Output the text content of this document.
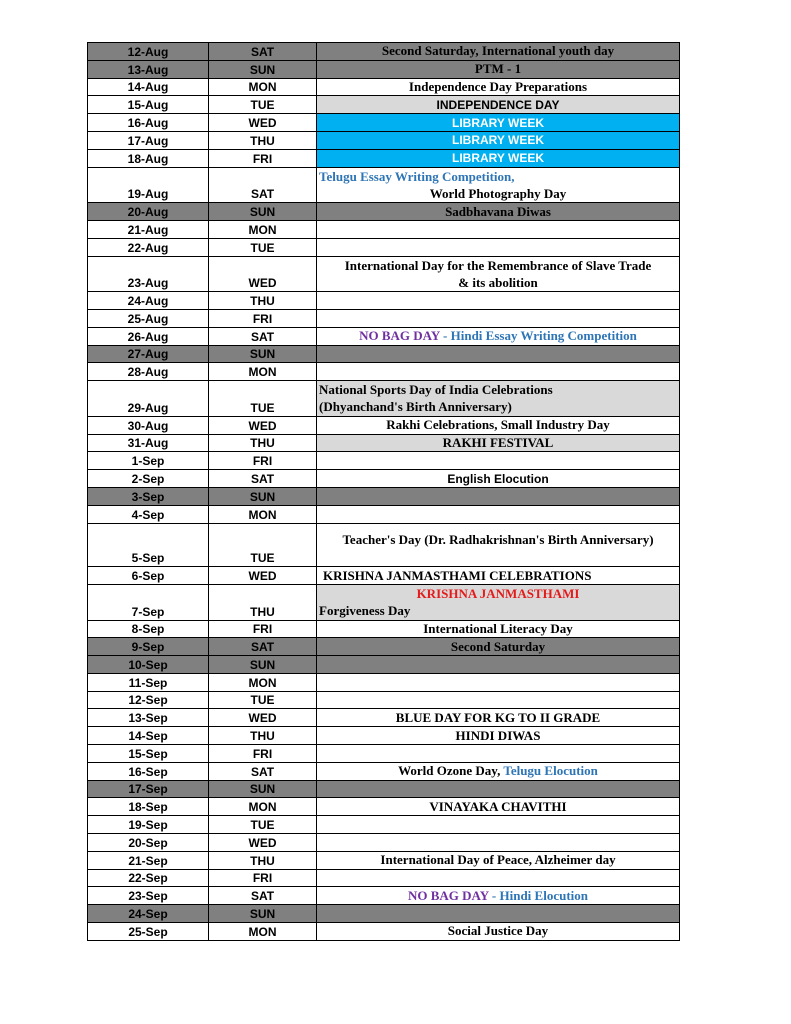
12-Aug	SAT	Second Saturday, International youth day
13-Aug	SUN	PTM - 1
14-Aug	MON	Independence Day Preparations
15-Aug	TUE	INDEPENDENCE DAY
16-Aug	WED	LIBRARY WEEK
17-Aug	THU	LIBRARY WEEK
18-Aug	FRI	LIBRARY WEEK
19-Aug	SAT	Telugu Essay Writing Competition,
World Photography Day

20-Aug	SUN	Sadbhavana Diwas
21-Aug	MON	
22-Aug	TUE	
23-Aug	WED	International Day for the Remembrance of Slave Trade
& its abolition

24-Aug	THU	
25-Aug	FRI	
26-Aug	SAT	NO BAG DAY - Hindi Essay Writing Competition
27-Aug	SUN	
28-Aug	MON	
29-Aug	TUE	National Sports Day of India Celebrations
(Dhyanchand's Birth Anniversary)

30-Aug	WED	Rakhi Celebrations, Small Industry Day
31-Aug	THU	RAKHI FESTIVAL
1-Sep	FRI	
2-Sep	SAT	English Elocution
3-Sep	SUN	
4-Sep	MON	
5-Sep	TUE	Teacher's Day (Dr. Radhakrishnan's Birth Anniversary)
6-Sep	WED	KRISHNA JANMASTHAMI CELEBRATIONS
7-Sep	THU	KRISHNA JANMASTHAMI
Forgiveness Day

8-Sep	FRI	International Literacy Day
9-Sep	SAT	Second Saturday
10-Sep	SUN	
11-Sep	MON	
12-Sep	TUE	
13-Sep	WED	BLUE DAY FOR KG TO II GRADE
14-Sep	THU	HINDI DIWAS
15-Sep	FRI	
16-Sep	SAT	World Ozone Day, Telugu Elocution
17-Sep	SUN	
18-Sep	MON	VINAYAKA CHAVITHI
19-Sep	TUE	
20-Sep	WED	
21-Sep	THU	International Day of Peace, Alzheimer day
22-Sep	FRI	
23-Sep	SAT	NO BAG DAY - Hindi Elocution
24-Sep	SUN	
25-Sep	MON	Social Justice Day
